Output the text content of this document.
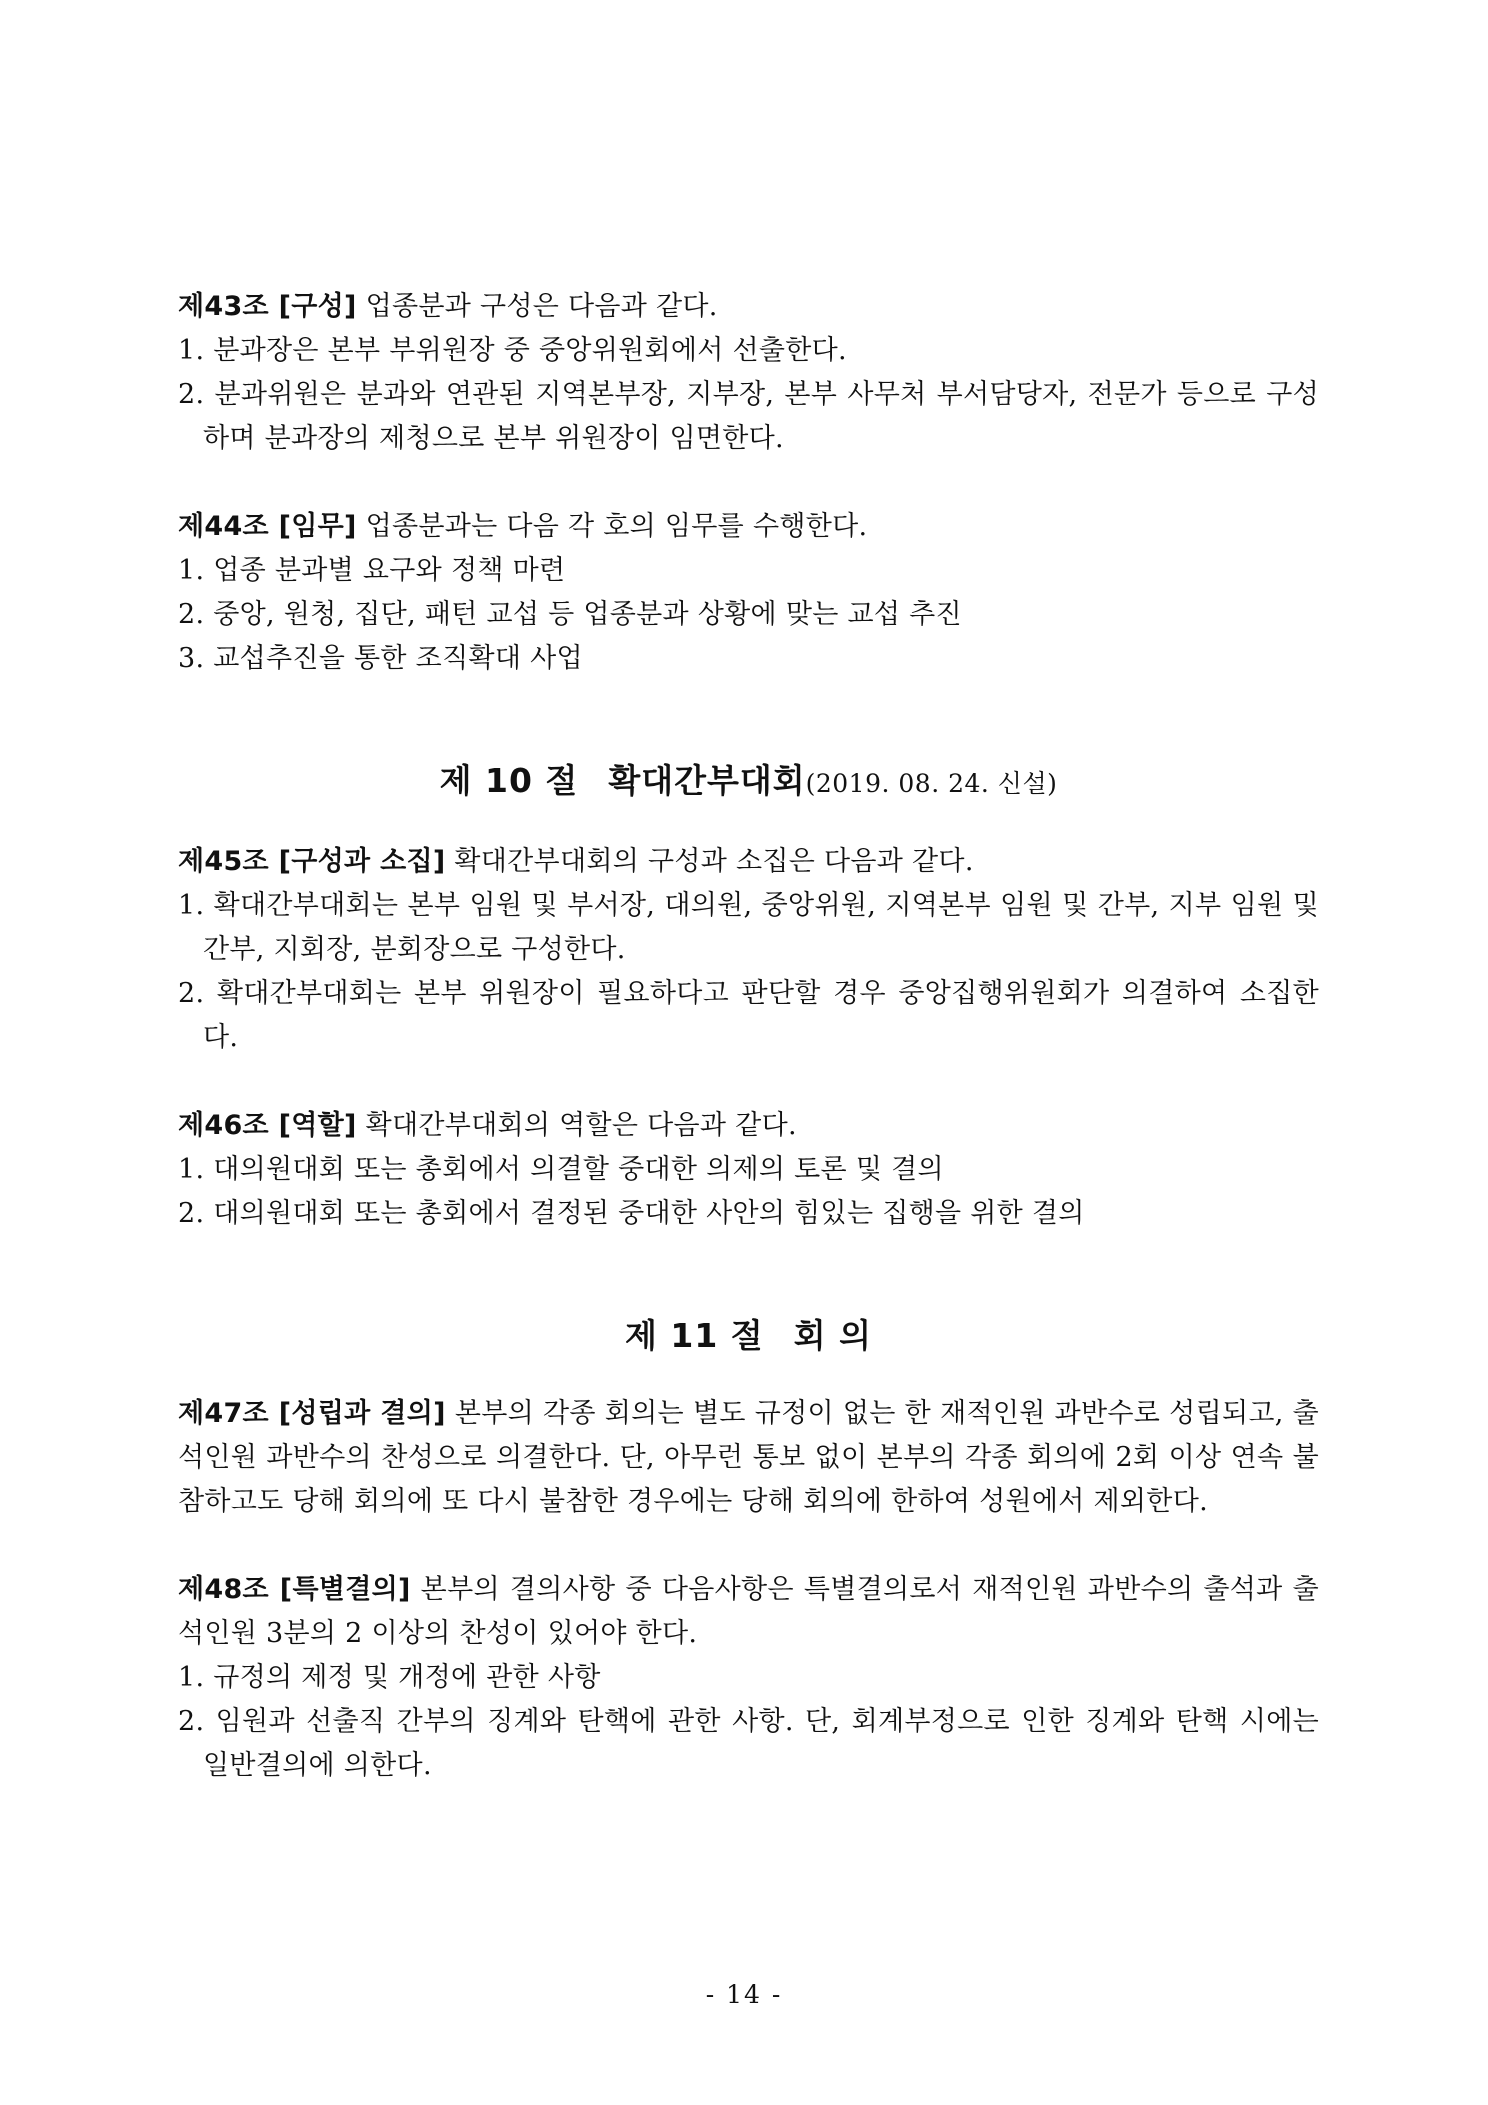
제43조 [구성] 업종분과 구성은 다음과 같다.
1. 분과장은 본부 부위원장 중 중앙위원회에서 선출한다.
2. 분과위원은 분과와 연관된 지역본부장, 지부장, 본부 사무처 부서담당자, 전문가 등으로 구성하며 분과장의 제청으로 본부 위원장이 임면한다.
제44조 [임무] 업종분과는 다음 각 호의 임무를 수행한다.
1. 업종 분과별 요구와 정책 마련
2. 중앙, 원청, 집단, 패턴 교섭 등 업종분과 상황에 맞는 교섭 추진
3. 교섭추진을 통한 조직확대 사업
제 10 절 확대간부대회(2019. 08. 24. 신설)
제45조 [구성과 소집] 확대간부대회의 구성과 소집은 다음과 같다.
1. 확대간부대회는 본부 임원 및 부서장, 대의원, 중앙위원, 지역본부 임원 및 간부, 지부 임원 및 간부, 지회장, 분회장으로 구성한다.
2. 확대간부대회는 본부 위원장이 필요하다고 판단할 경우 중앙집행위원회가 의결하여 소집한다.
제46조 [역할] 확대간부대회의 역할은 다음과 같다.
1. 대의원대회 또는 총회에서 의결할 중대한 의제의 토론 및 결의
2. 대의원대회 또는 총회에서 결정된 중대한 사안의 힘있는 집행을 위한 결의
제 11 절 회 의
제47조 [성립과 결의] 본부의 각종 회의는 별도 규정이 없는 한 재적인원 과반수로 성립되고, 출석인원 과반수의 찬성으로 의결한다. 단, 아무런 통보 없이 본부의 각종 회의에 2회 이상 연속 불참하고도 당해 회의에 또 다시 불참한 경우에는 당해 회의에 한하여 성원에서 제외한다.
제48조 [특별결의] 본부의 결의사항 중 다음사항은 특별결의로서 재적인원 과반수의 출석과 출석인원 3분의 2 이상의 찬성이 있어야 한다.
1. 규정의 제정 및 개정에 관한 사항
2. 임원과 선출직 간부의 징계와 탄핵에 관한 사항. 단, 회계부정으로 인한 징계와 탄핵 시에는 일반결의에 의한다.
- 14 -
